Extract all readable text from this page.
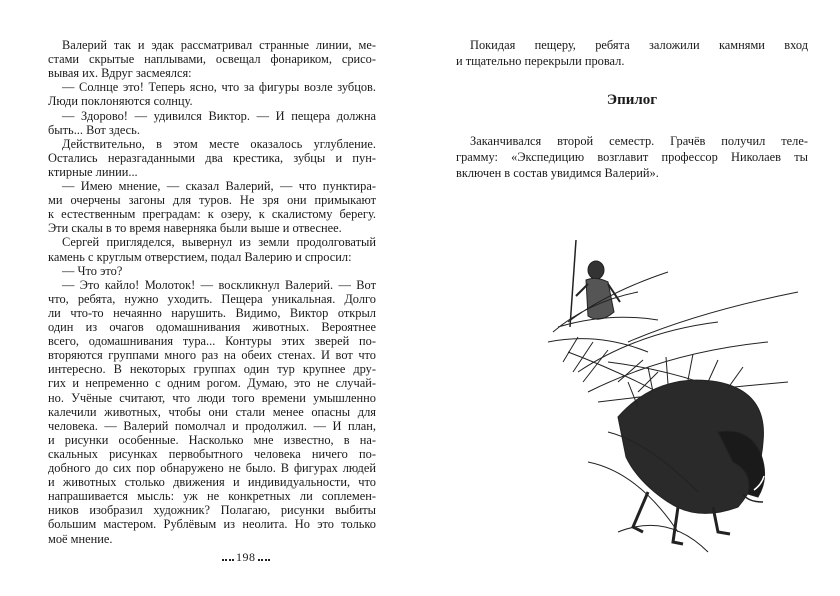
198
Валерий так и эдак рассматривал странные линии, ме-
стами скрытые наплывами, освещал фонариком, срисо-
вывая их. Вдруг засмеялся:
— Солнце это! Теперь ясно, что за фигуры возле зубцов.
Люди поклоняются солнцу.
— Здорово! — удивился Виктор. — И пещера должна
быть... Вот здесь.
Действительно, в этом месте оказалось углубление.
Остались неразгаданными два крестика, зубцы и пун-
ктирные линии...
— Имею мнение, — сказал Валерий, — что пунктира-
ми очерчены загоны для туров. Не зря они примыкают
к естественным преградам: к озеру, к скалистому берегу.
Эти скалы в то время наверняка были выше и отвеснее.
Сергей пригляделся, вывернул из земли продолговатый
камень с круглым отверстием, подал Валерию и спросил:
— Что это?
— Это кайло! Молоток! — воскликнул Валерий. — Вот
что, ребята, нужно уходить. Пещера уникальная. Долго
ли что-то нечаянно нарушить. Видимо, Виктор открыл
один из очагов одомашнивания животных. Вероятнее
всего, одомашнивания тура... Контуры этих зверей по-
вторяются группами много раз на обеих стенах. И вот что
интересно. В некоторых группах один тур крупнее дру-
гих и непременно с одним рогом. Думаю, это не случай-
но. Учёные считают, что люди того времени умышленно
калечили животных, чтобы они стали менее опасны для
человека. — Валерий помолчал и продолжил. — И план,
и рисунки особенные. Насколько мне известно, в на-
скальных рисунках первобытного человека ничего по-
добного до сих пор обнаружено не было. В фигурах людей
и животных столько движения и индивидуальности, что
напрашивается мысль: уж не конкретных ли соплемен-
ников изобразил художник? Полагаю, рисунки выбиты
большим мастером. Рублёвым из неолита. Но это только
моё мнение.
Эпилог
Покидая пещеру, ребята заложили камнями вход
и тщательно перекрыли провал.
Заканчивался второй семестр. Грачёв получил теле-
грамму: «Экспедицию возглавит профессор Николаев ты
включен в состав увидимся Валерий».
